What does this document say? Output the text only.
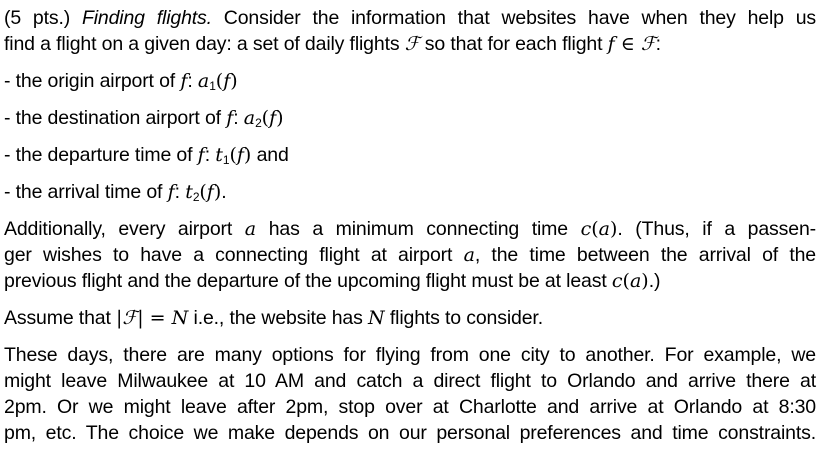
(5 pts.) Finding flights. Consider the information that websites have when they help us
find a flight on a given day: a set of daily flights ℱ so that for each flight f ∈ ℱ:
- the origin airport of f: $a_1(f)$
- the destination airport of f: $a_2(f)$
- the departure time of f: $t_1(f)$ and
- the arrival time of f: $t_2(f)$.
Additionally, every airport a has a minimum connecting time c(a). (Thus, if a passen-
ger wishes to have a connecting flight at airport a, the time between the arrival of the
previous flight and the departure of the upcoming flight must be at least c(a).)
Assume that |ℱ| = N i.e., the website has N flights to consider.
These days, there are many options for flying from one city to another. For example, we
might leave Milwaukee at 10 AM and catch a direct flight to Orlando and arrive there at
2pm. Or we might leave after 2pm, stop over at Charlotte and arrive at Orlando at 8:30
pm, etc. The choice we make depends on our personal preferences and time constraints.
